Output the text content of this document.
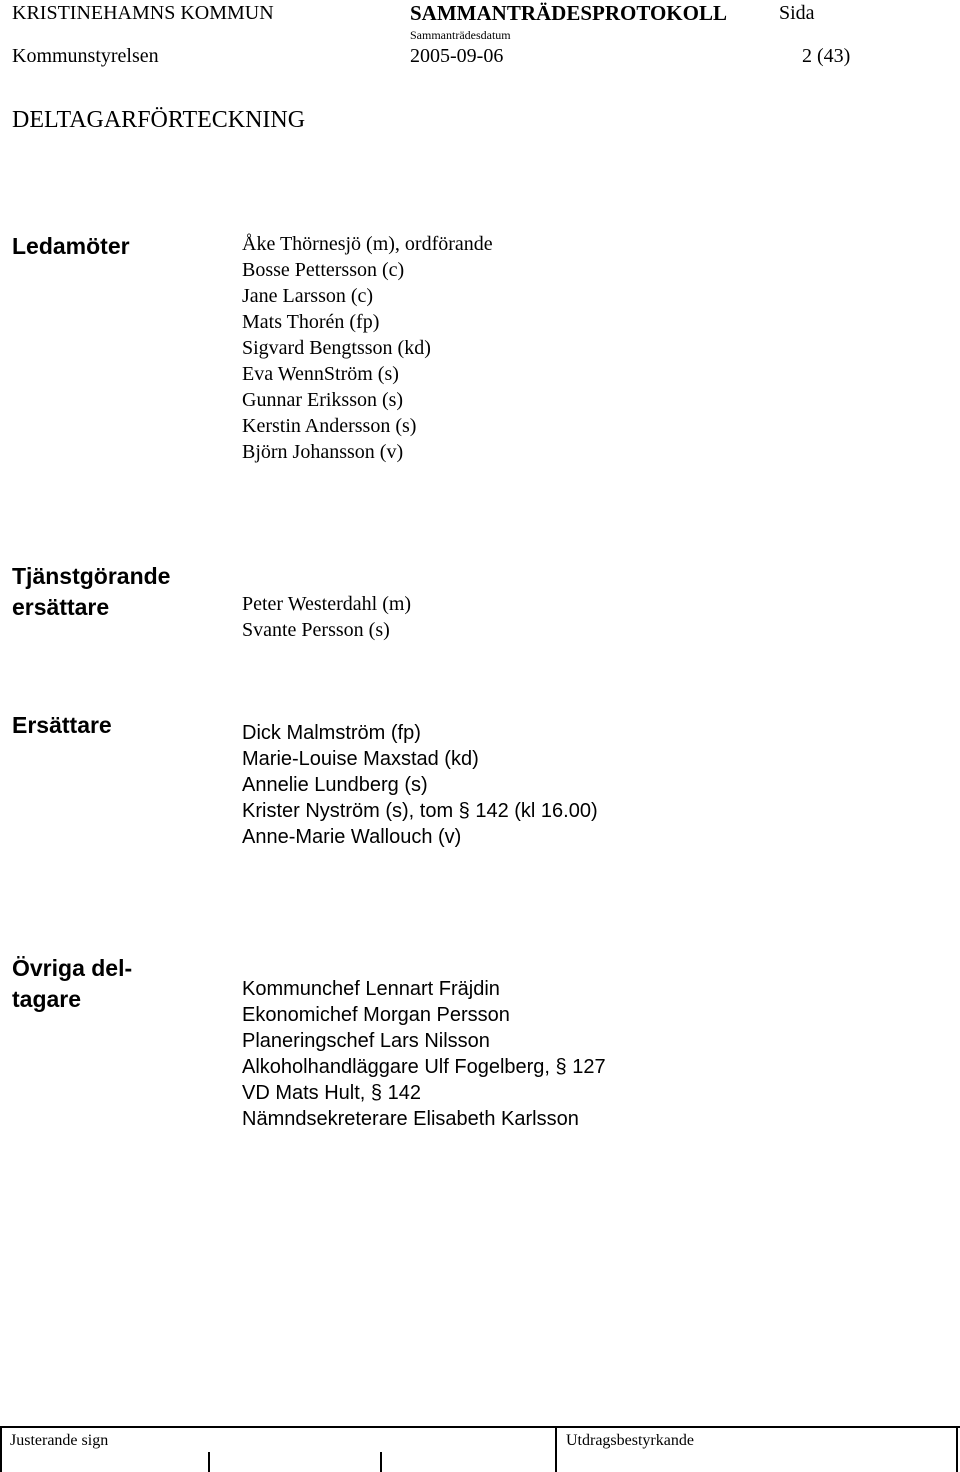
KRISTINEHAMNS KOMMUN	SAMMANTRÄDESPROTOKOLL	Sida
Sammanträdesdatum
Kommunstyrelsen	2005-09-06	2 (43)
DELTAGARFÖRTECKNING
Ledamöter	Åke Thörnesjö (m), ordförande
Bosse Pettersson (c)
Jane Larsson (c)
Mats Thorén (fp)
Sigvard Bengtsson (kd)
Eva WennStröm (s)
Gunnar Eriksson (s)
Kerstin Andersson (s)
Björn Johansson (v)
Tjänstgörande
ersättare	Peter Westerdahl (m)
Svante Persson (s)
Ersättare	Dick Malmström (fp)
Marie-Louise Maxstad (kd)
Annelie Lundberg (s)
Krister Nyström (s), tom § 142 (kl 16.00)
Anne-Marie Wallouch (v)
Övriga del-
tagare	Kommunchef Lennart Fräjdin
Ekonomichef Morgan Persson
Planeringschef Lars Nilsson
Alkoholhandläggare Ulf Fogelberg, § 127
VD Mats Hult, § 142
Nämndsekreterare Elisabeth Karlsson
Justerande sign	Utdragsbestyrkande
